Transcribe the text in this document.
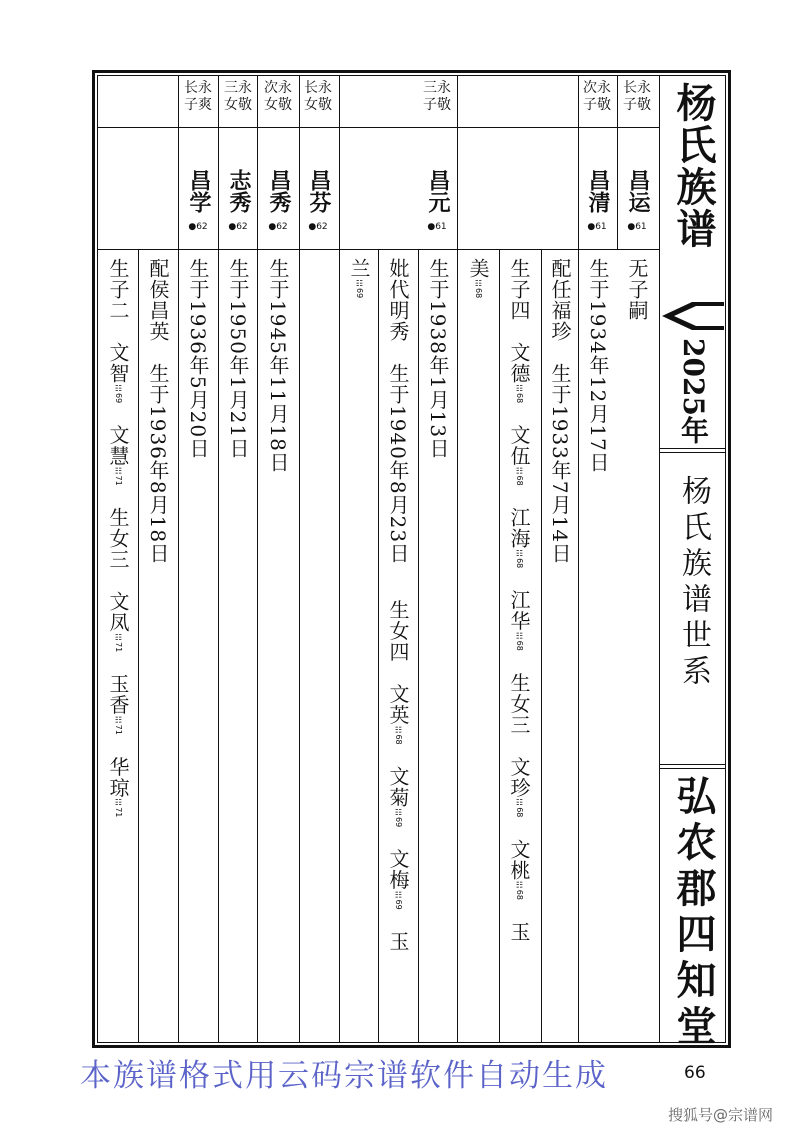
长永
子敬
昌运
●61
无子嗣
次永
子敬
昌清
●61
生于1934年12月17日
配任福珍　生于1933年7月14日
生子四　文德☷68 文伍☷68 江海☷68 江华☷68 生女三　文珍☷68 文桃☷68 玉
美☷68
三永
子敬
昌元
●61
生于1938年1月13日
妣代明秀　生于1940年8月23日 生女四　文英☷68 文菊☷69 文梅☷69 玉
兰☷69
长永
女敬
昌芬
●62
次永
女敬
昌秀
●62
生于1945年11月18日
三永
女敬
志秀
●62
生于1950年1月21日
长永
子爽
昌学
●62
生于1936年5月20日
配侯昌英　生于1936年8月18日
生子二　文智☷69 文慧☷71 生女三　文凤☷71 玉香☷71 华琼☷71
杨氏族谱
2025年
杨氏族谱世系
弘农郡四知堂
本族谱格式用云码宗谱软件自动生成	66
搜狐号@宗谱网
